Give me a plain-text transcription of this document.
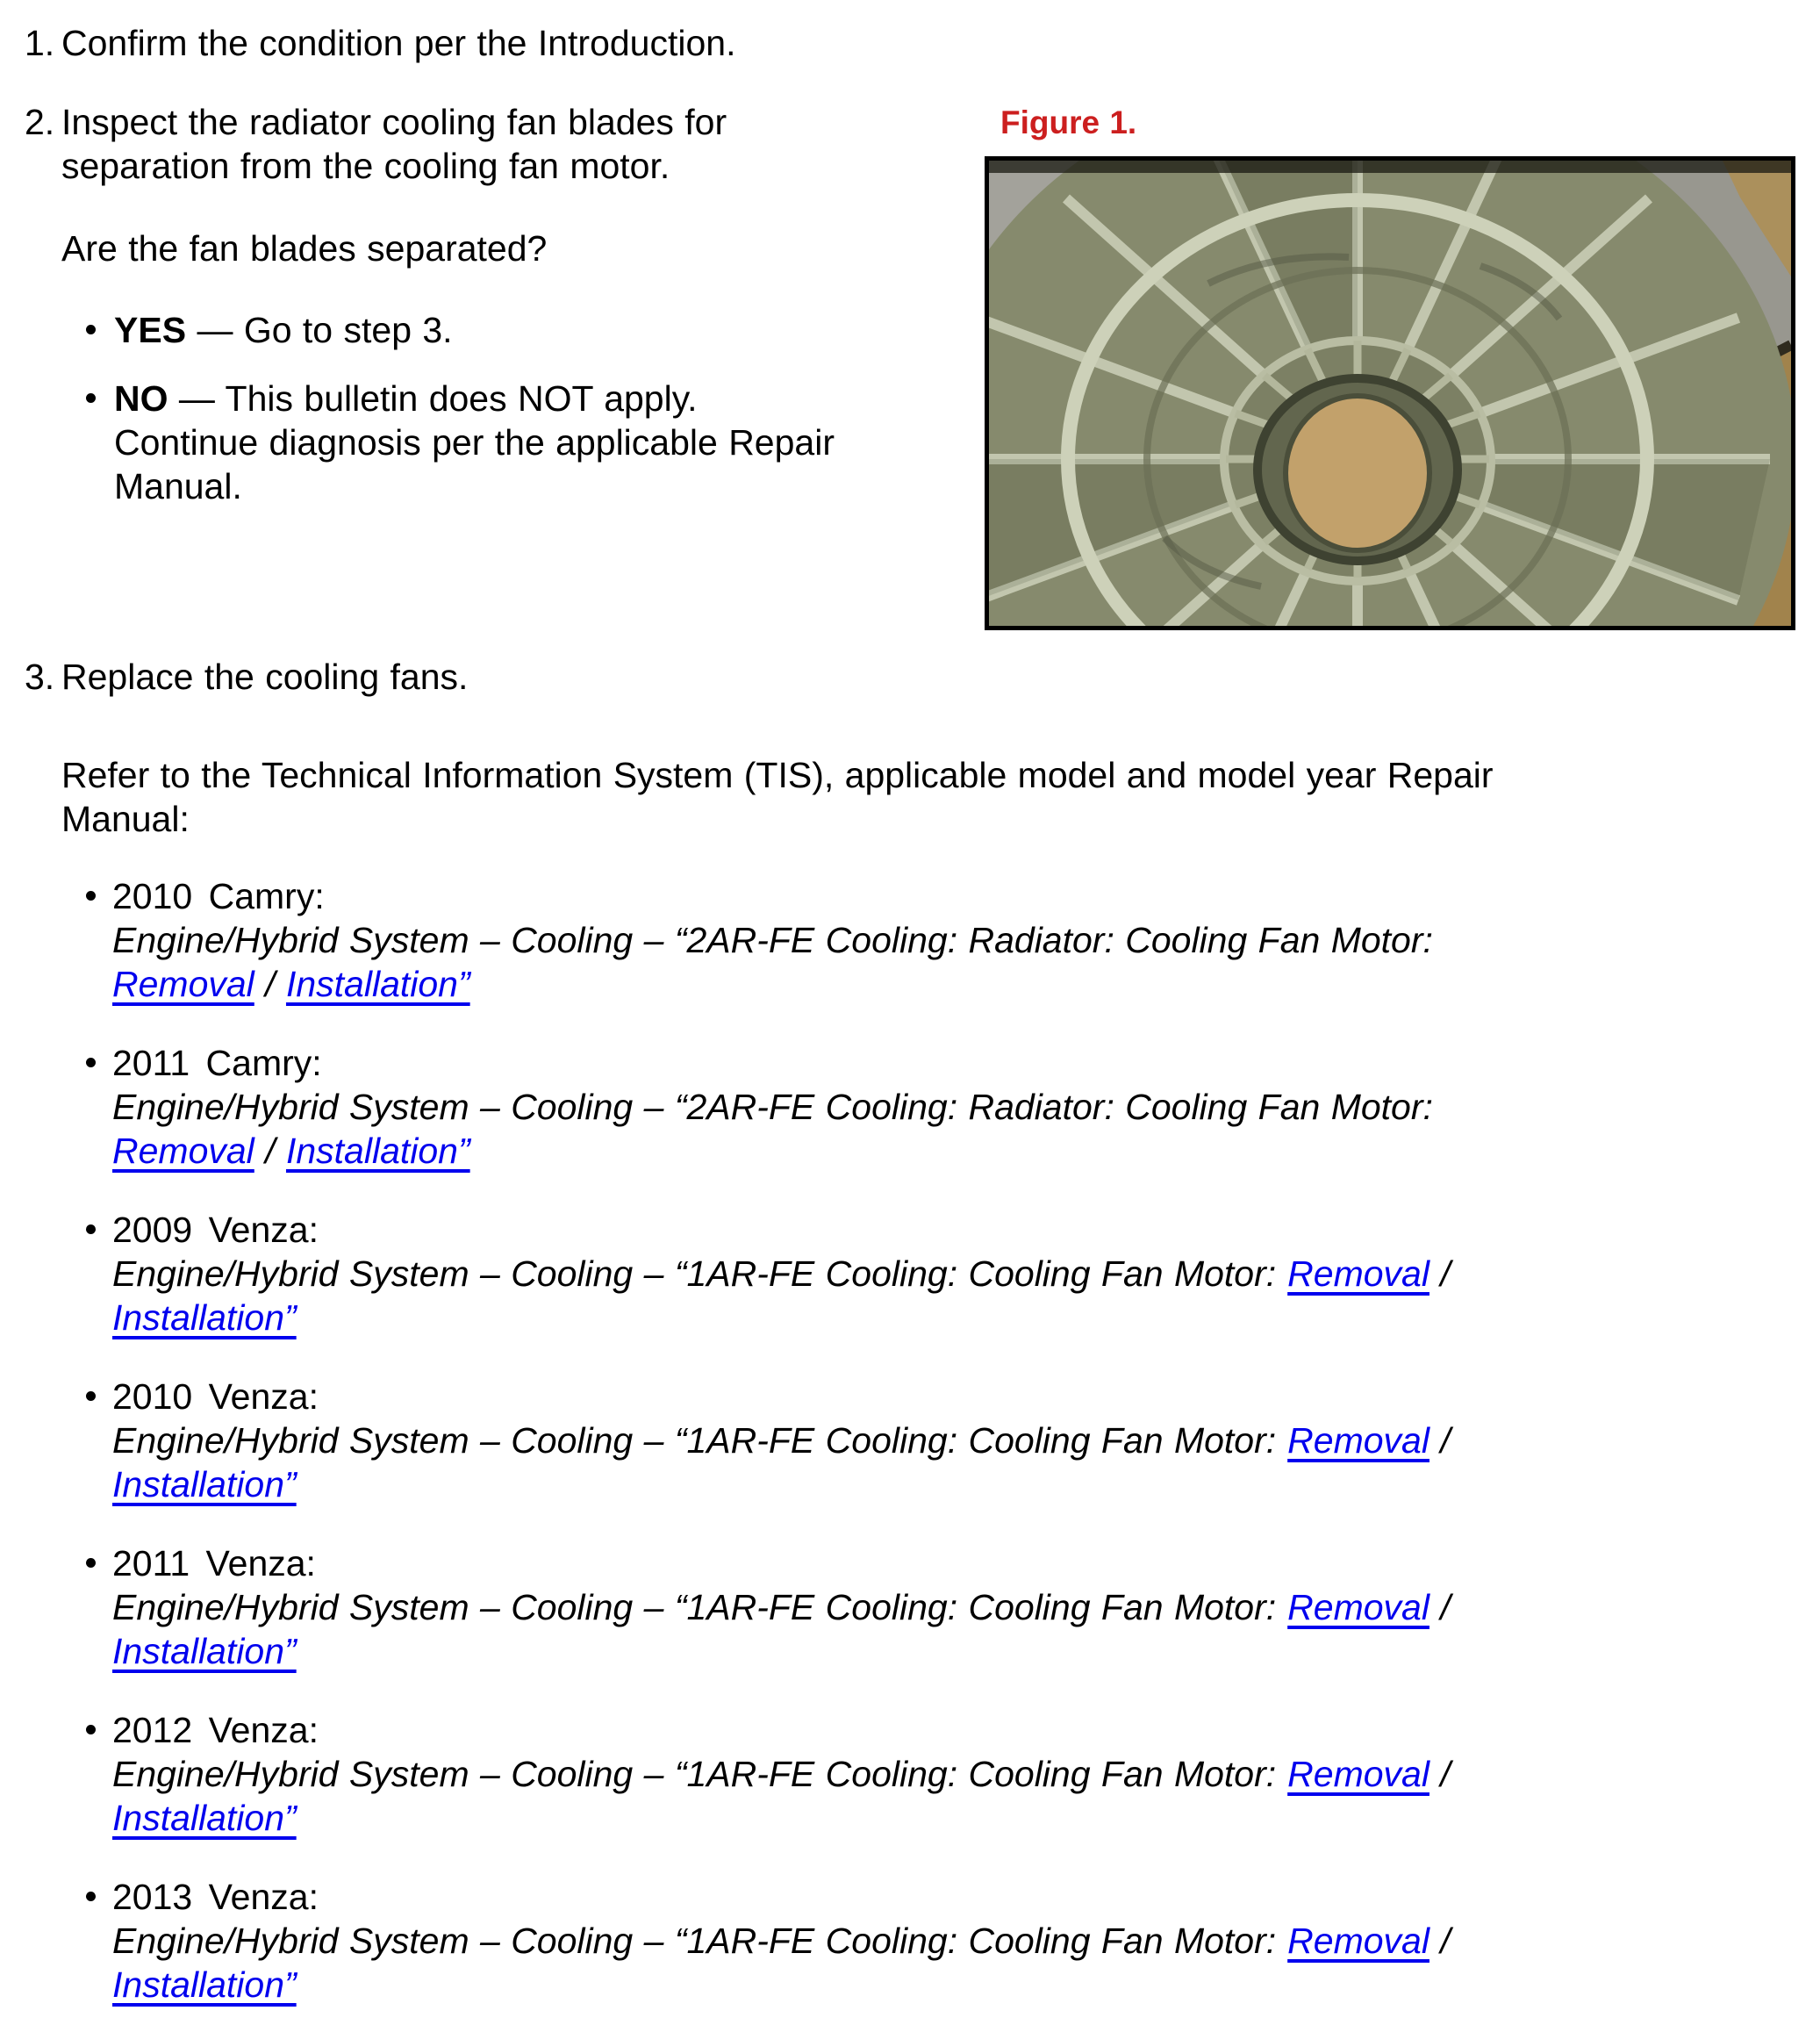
1. Confirm the condition per the Introduction.
2. Inspect the radiator cooling fan blades for
separation from the cooling fan motor.
Are the fan blades separated?
YES — Go to step 3.
NO — This bulletin does NOT apply.
Continue diagnosis per the applicable Repair
Manual.
3. Replace the cooling fans.
Refer to the Technical Information System (TIS), applicable model and model year Repair
Manual:
2010 Camry:
Engine/Hybrid System – Cooling – “2AR-FE Cooling: Radiator: Cooling Fan Motor:
Removal / Installation”
2011 Camry:
Engine/Hybrid System – Cooling – “2AR-FE Cooling: Radiator: Cooling Fan Motor:
Removal / Installation”
2009 Venza:
Engine/Hybrid System – Cooling – “1AR-FE Cooling: Cooling Fan Motor: Removal /
Installation”
2010 Venza:
Engine/Hybrid System – Cooling – “1AR-FE Cooling: Cooling Fan Motor: Removal /
Installation”
2011 Venza:
Engine/Hybrid System – Cooling – “1AR-FE Cooling: Cooling Fan Motor: Removal /
Installation”
2012 Venza:
Engine/Hybrid System – Cooling – “1AR-FE Cooling: Cooling Fan Motor: Removal /
Installation”
2013 Venza:
Engine/Hybrid System – Cooling – “1AR-FE Cooling: Cooling Fan Motor: Removal /
Installation”
Figure 1.
